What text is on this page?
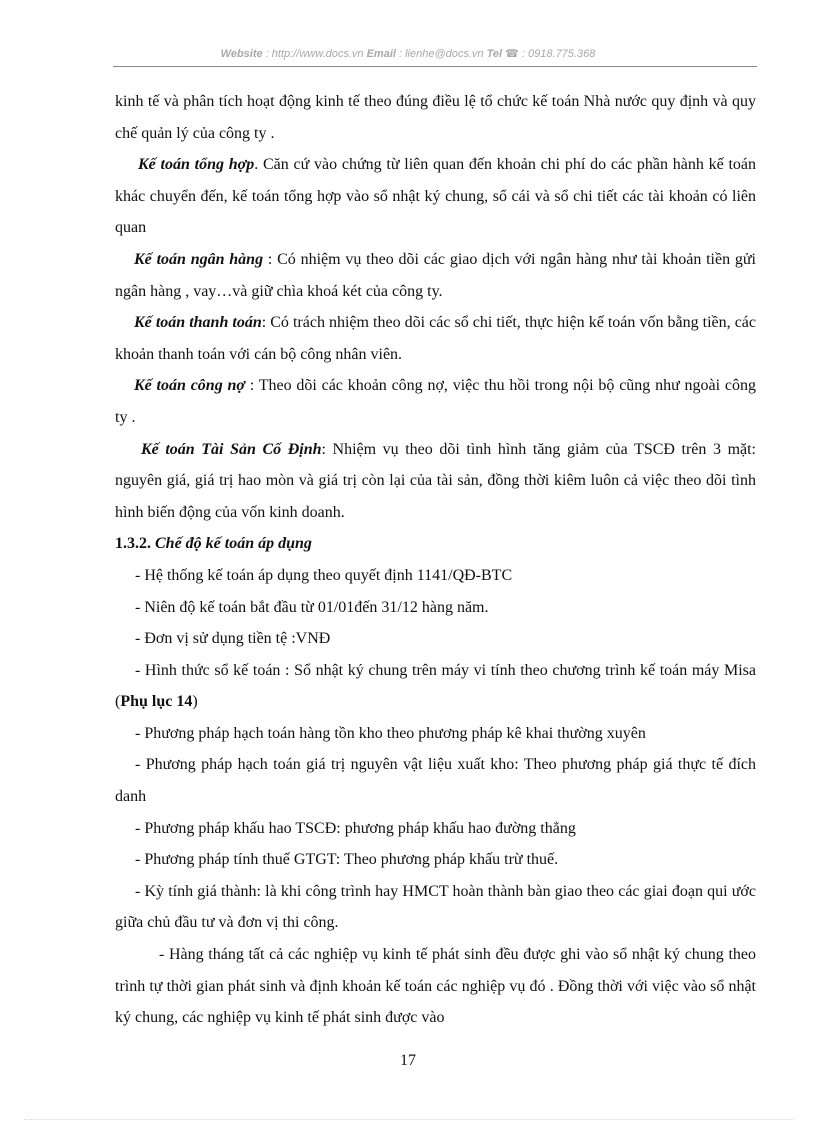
Website : http://www.docs.vn Email : lienhe@docs.vn Tel ☎ : 0918.775.368

kinh tế và phân tích hoạt động kinh tế theo đúng điều lệ tổ chức kế toán Nhà nước quy định và quy chế quản lý của công ty .

Kế toán tổng hợp. Căn cứ vào chứng từ liên quan đến khoản chi phí do các phần hành kế toán khác chuyển đến, kế toán tổng hợp vào sổ nhật ký chung, sổ cái và sổ chi tiết các tài khoản có liên quan

Kế toán ngân hàng : Có nhiệm vụ theo dõi các giao dịch với ngân hàng như tài khoản tiền gửi ngân hàng , vay…và giữ chìa khoá két của công ty.

Kế toán thanh toán: Có trách nhiệm theo dõi các sổ chi tiết, thực hiện kế toán vốn bằng tiền, các khoản thanh toán với cán bộ công nhân viên.

Kế toán công nợ : Theo dõi các khoản công nợ, việc thu hồi trong nội bộ cũng như ngoài công ty .

Kế toán Tài Sản Cố Định: Nhiệm vụ theo dõi tình hình tăng giảm của TSCĐ trên 3 mặt: nguyên giá, giá trị hao mòn và giá trị còn lại của tài sản, đồng thời kiêm luôn cả việc theo dõi tình hình biến động của vốn kinh doanh.

1.3.2. Chế độ kế toán áp dụng

- Hệ thống kế toán áp dụng theo quyết định 1141/QĐ-BTC

- Niên độ kế toán bắt đầu từ 01/01đến 31/12 hàng năm.

- Đơn vị sử dụng tiền tệ :VNĐ

- Hình thức sổ kế toán : Sổ nhật ký chung trên máy vi tính theo chương trình kế toán máy Misa (Phụ lục 14)

- Phương pháp hạch toán hàng tồn kho theo phương pháp kê khai thường xuyên

- Phương pháp hạch toán giá trị nguyên vật liệu xuất kho: Theo phương pháp giá thực tế đích danh

- Phương pháp khấu hao TSCĐ: phương pháp khấu hao đường thẳng

- Phương pháp tính thuế GTGT: Theo phương pháp khấu trừ thuế.

- Kỳ tính giá thành: là khi công trình hay HMCT hoàn thành bàn giao theo các giai đoạn qui ước giữa chủ đầu tư và đơn vị thi công.

- Hàng tháng tất cả các nghiệp vụ kinh tế phát sinh đều được ghi vào sổ nhật ký chung theo trình tự thời gian phát sinh và định khoản kế toán các nghiệp vụ đó . Đồng thời với việc vào sổ nhật ký chung, các nghiệp vụ kinh tế phát sinh được vào

17
